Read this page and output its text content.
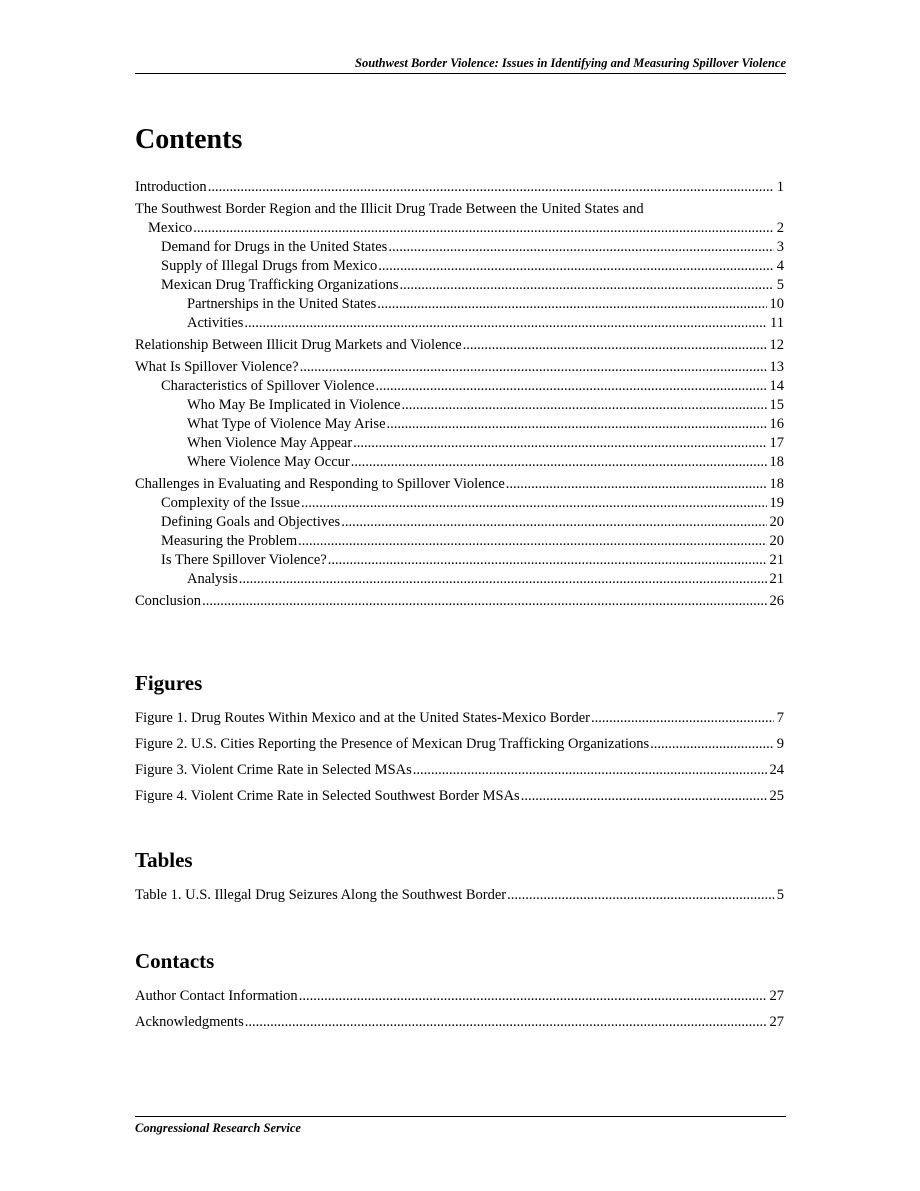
Southwest Border Violence: Issues in Identifying and Measuring Spillover Violence
Contents
Introduction .....	1
The Southwest Border Region and the Illicit Drug Trade Between the United States and
Mexico .....	2
Demand for Drugs in the United States .....	3
Supply of Illegal Drugs from Mexico .....	4
Mexican Drug Trafficking Organizations .....	5
Partnerships in the United States .....	10
Activities .....	11
Relationship Between Illicit Drug Markets and Violence .....	12
What Is Spillover Violence? .....	13
Characteristics of Spillover Violence .....	14
Who May Be Implicated in Violence .....	15
What Type of Violence May Arise .....	16
When Violence May Appear .....	17
Where Violence May Occur .....	18
Challenges in Evaluating and Responding to Spillover Violence .....	18
Complexity of the Issue .....	19
Defining Goals and Objectives .....	20
Measuring the Problem .....	20
Is There Spillover Violence? .....	21
Analysis .....	21
Conclusion .....	26
Figures
Figure 1. Drug Routes Within Mexico and at the United States-Mexico Border .....	7
Figure 2. U.S. Cities Reporting the Presence of Mexican Drug Trafficking Organizations .....	9
Figure 3. Violent Crime Rate in Selected MSAs .....	24
Figure 4. Violent Crime Rate in Selected Southwest Border MSAs .....	25
Tables
Table 1. U.S. Illegal Drug Seizures Along the Southwest Border .....	5
Contacts
Author Contact Information .....	27
Acknowledgments .....	27
Congressional Research Service
